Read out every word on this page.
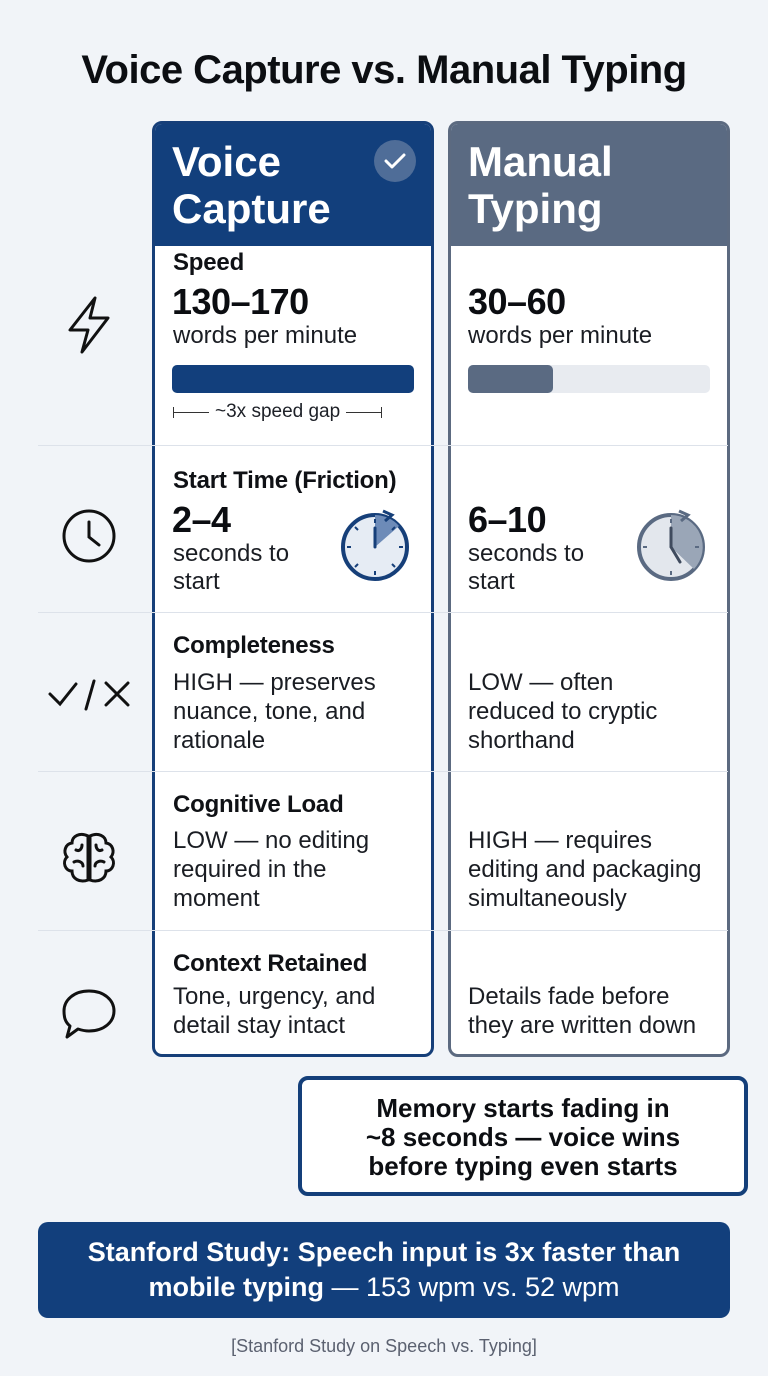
Voice Capture vs. Manual Typing
Voice
Capture
Manual
Typing
Speed
130–170
words per minute
30–60
words per minute
~3x speed gap
Start Time (Friction)
2–4
seconds to
start
6–10
seconds to
start
Completeness
HIGH — preserves
nuance, tone, and
rationale
LOW — often
reduced to cryptic
shorthand
Cognitive Load
LOW — no editing
required in the
moment
HIGH — requires
editing and packaging
simultaneously
Context Retained
Tone, urgency, and
detail stay intact
Details fade before
they are written down
Memory starts fading in
~8 seconds — voice wins
before typing even starts
Stanford Study: Speech input is 3x faster than
mobile typing — 153 wpm vs. 52 wpm
[Stanford Study on Speech vs. Typing]
